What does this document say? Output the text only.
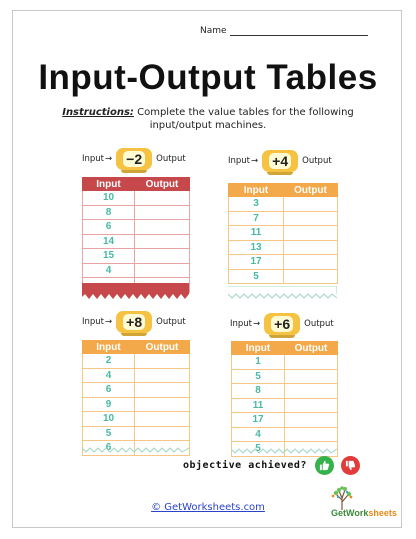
Name
Input-Output Tables
Instructions: Complete the value tables for the following input/output machines.
Input → −2	Output
Input	Output
10	
8	
6	
14	
15	
4	

Input → +4	Output
Input	Output
3	
7	
11	
13	
17	
5	
Input → +8	Output
Input	Output
2	
4	
6	
9	
10	
5	
6	
Input → +6	Output
Input	Output
1	
5	
8	
11	
17	
4	
5	
objective achieved?
© GetWorksheets.com	GetWorksheets
